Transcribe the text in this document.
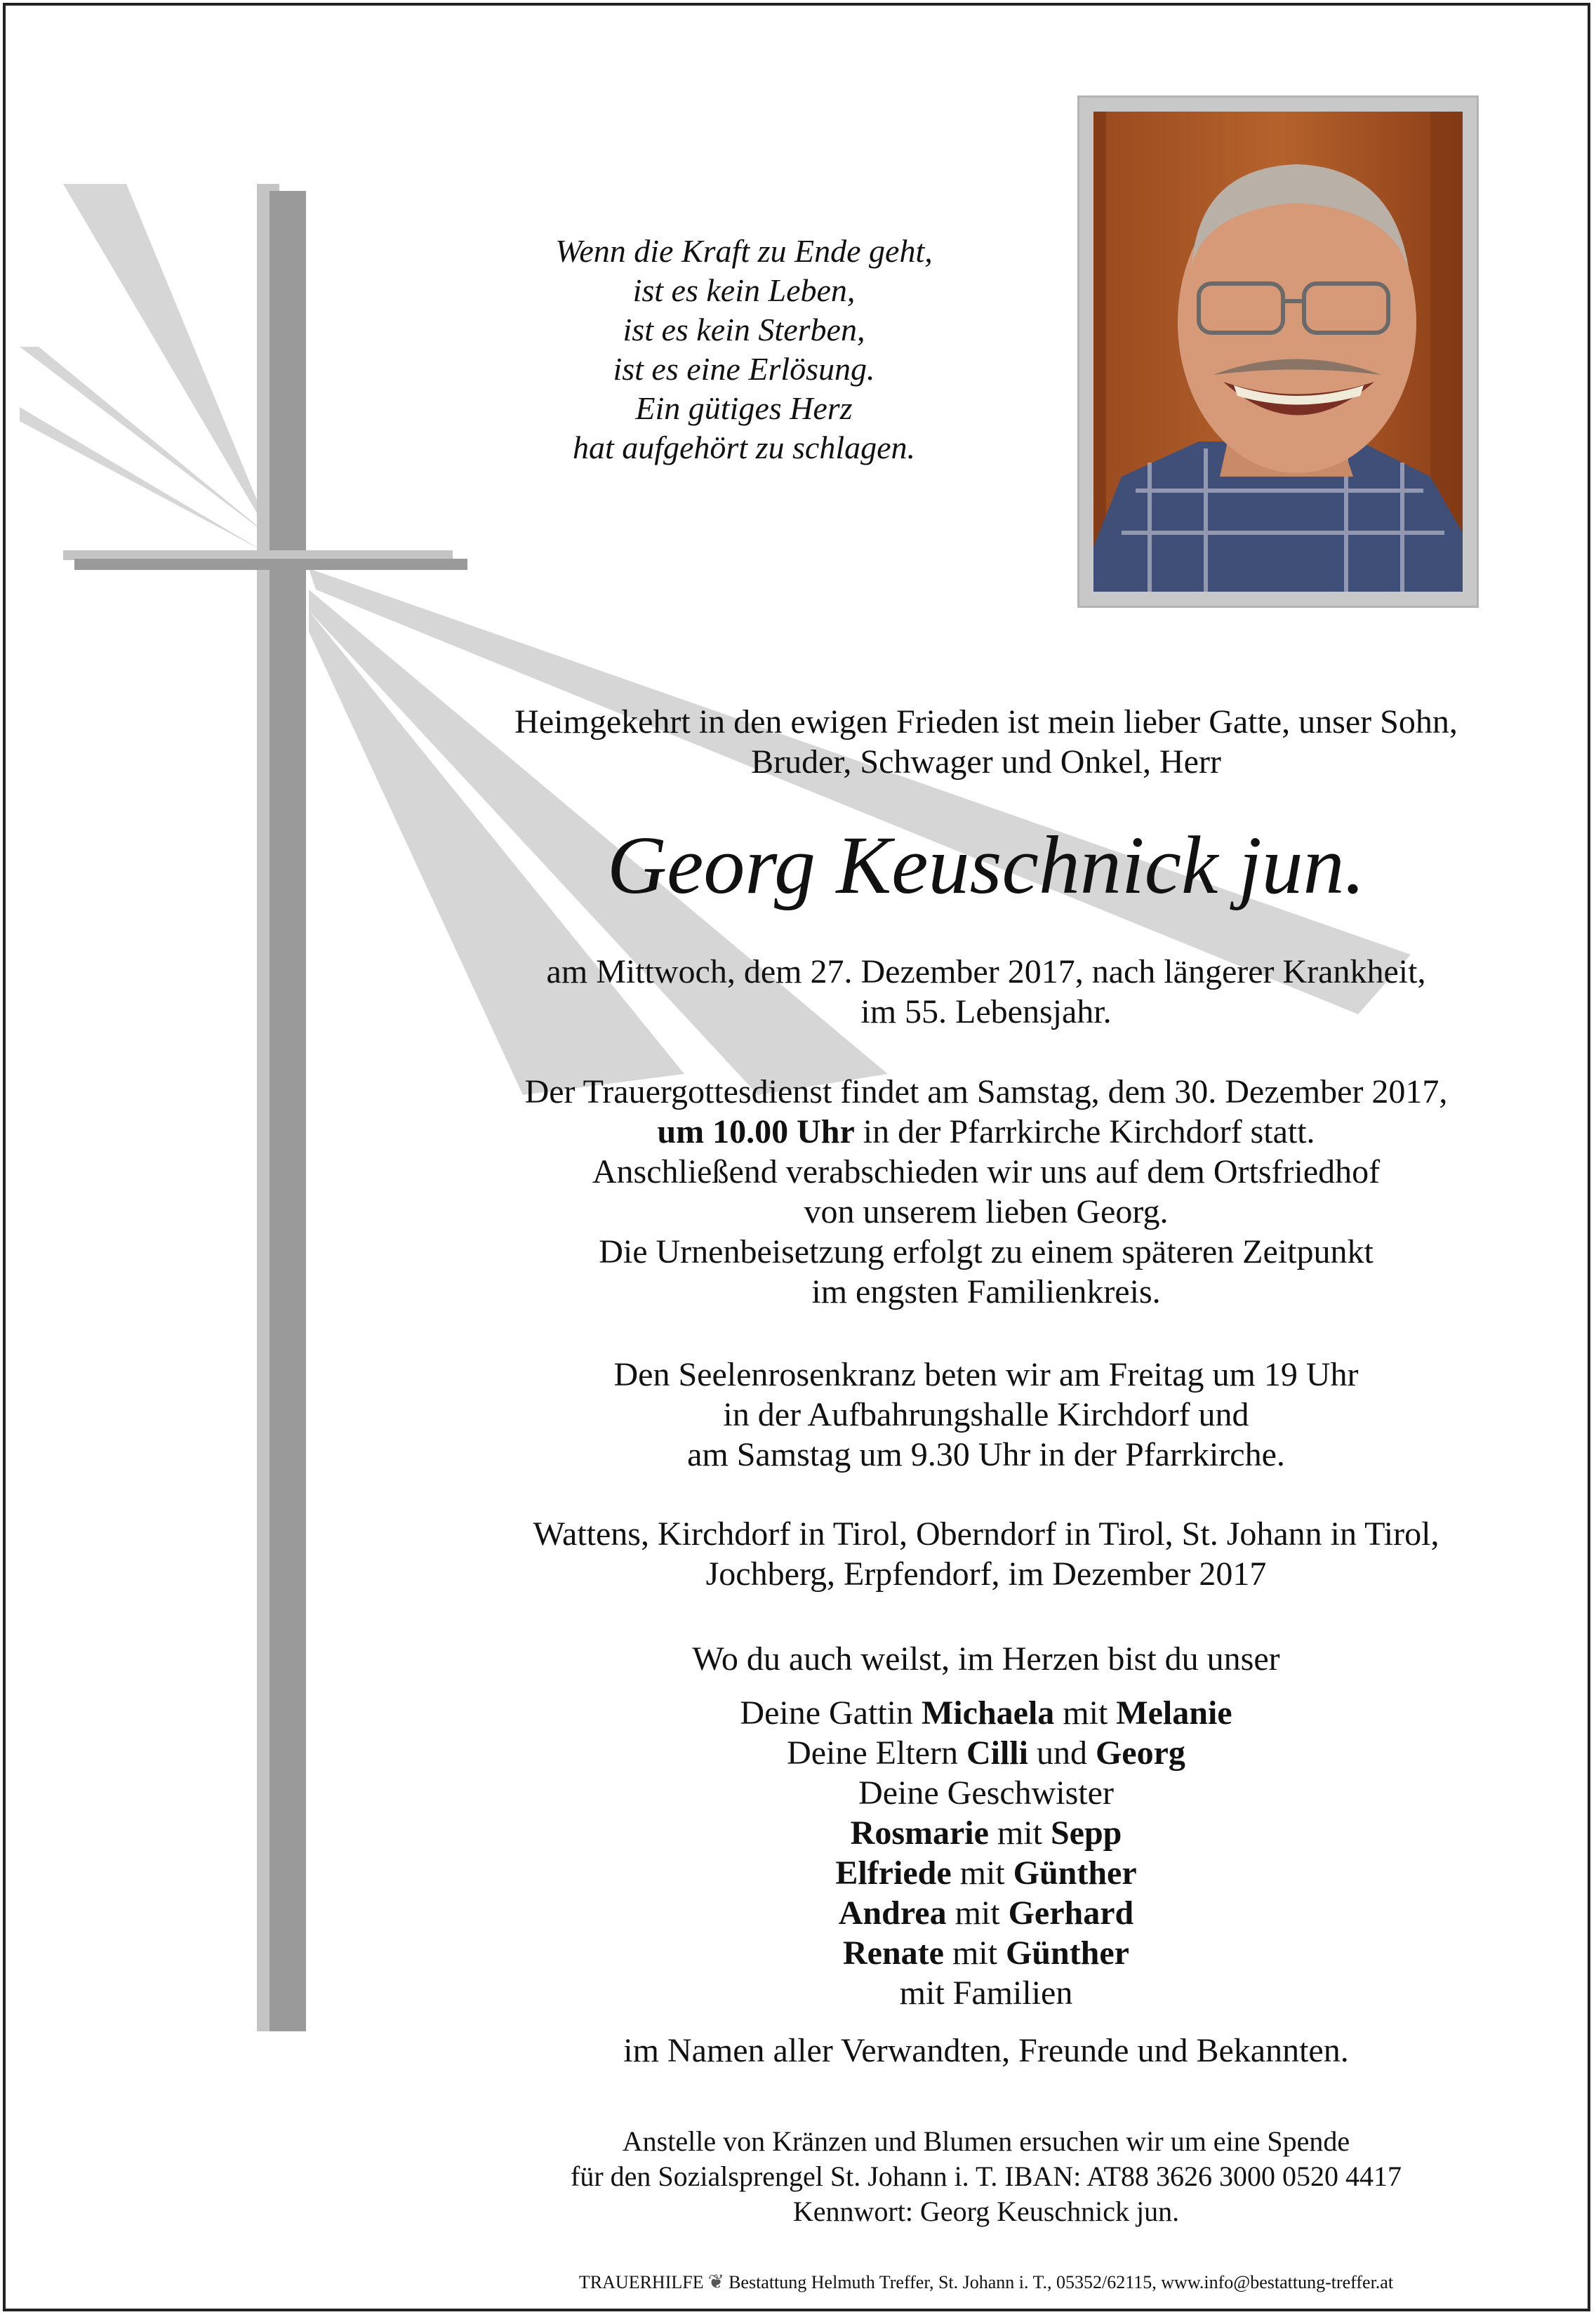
Wenn die Kraft zu Ende geht,
ist es kein Leben,
ist es kein Sterben,
ist es eine Erlösung.
Ein gütiges Herz
hat aufgehört zu schlagen.
Heimgekehrt in den ewigen Frieden ist mein lieber Gatte, unser Sohn,
Bruder, Schwager und Onkel, Herr
Georg Keuschnick jun.
am Mittwoch, dem 27. Dezember 2017, nach längerer Krankheit,
im 55. Lebensjahr.
Der Trauergottesdienst findet am Samstag, dem 30. Dezember 2017,
um 10.00 Uhr in der Pfarrkirche Kirchdorf statt.
Anschließend verabschieden wir uns auf dem Ortsfriedhof
von unserem lieben Georg.
Die Urnenbeisetzung erfolgt zu einem späteren Zeitpunkt
im engsten Familienkreis.
Den Seelenrosenkranz beten wir am Freitag um 19 Uhr
in der Aufbahrungshalle Kirchdorf und
am Samstag um 9.30 Uhr in der Pfarrkirche.
Wattens, Kirchdorf in Tirol, Oberndorf in Tirol, St. Johann in Tirol,
Jochberg, Erpfendorf, im Dezember 2017
Wo du auch weilst, im Herzen bist du unser
Deine Gattin Michaela mit Melanie
Deine Eltern Cilli und Georg
Deine Geschwister
Rosmarie mit Sepp
Elfriede mit Günther
Andrea mit Gerhard
Renate mit Günther
mit Familien
im Namen aller Verwandten, Freunde und Bekannten.
Anstelle von Kränzen und Blumen ersuchen wir um eine Spende
für den Sozialsprengel St. Johann i. T. IBAN: AT88 3626 3000 0520 4417
Kennwort: Georg Keuschnick jun.
TRAUERHILFE ❦ Bestattung Helmuth Treffer, St. Johann i. T., 05352/62115, www.info@bestattung-treffer.at
